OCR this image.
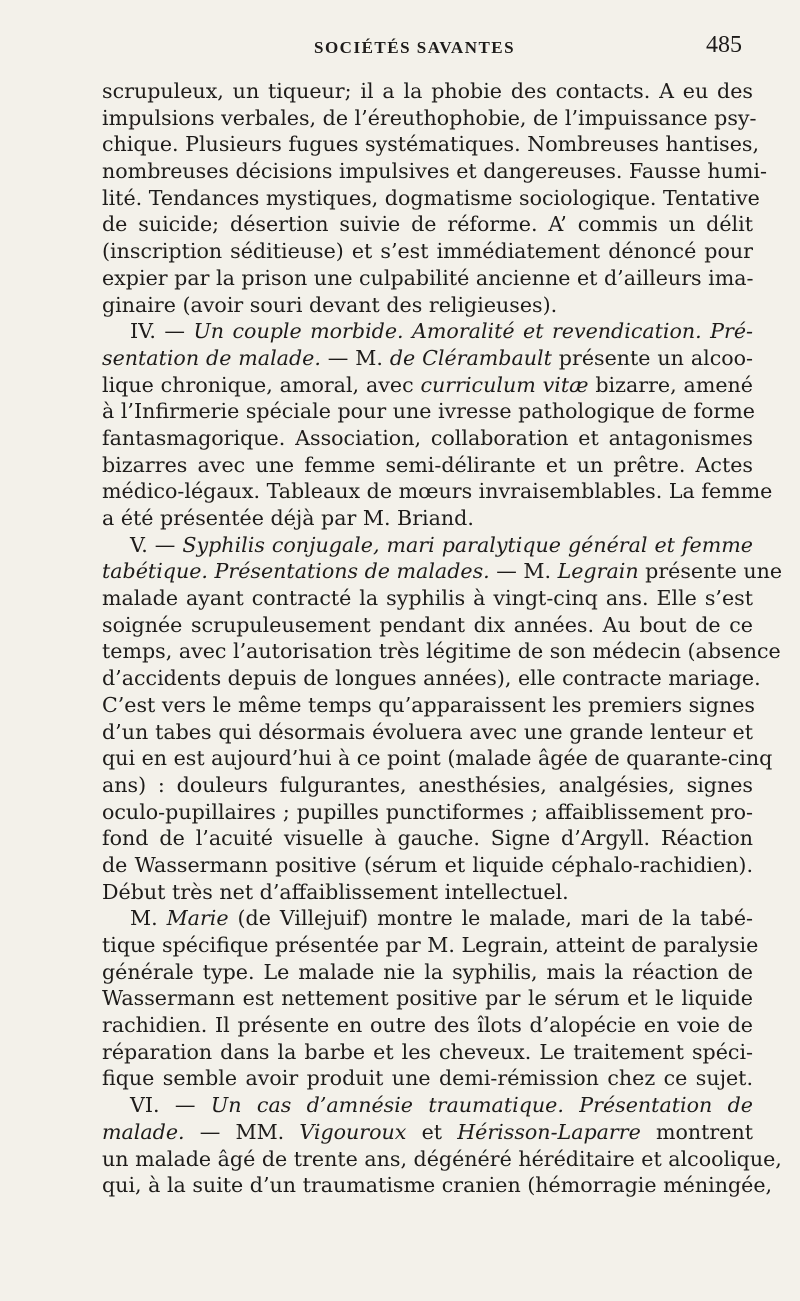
SOCIÉTÉS SAVANTES	485
scrupuleux, un tiqueur; il a la phobie des contacts. A eu des
impulsions verbales, de l’éreuthophobie, de l’impuissance psy-
chique. Plusieurs fugues systématiques. Nombreuses hantises,
nombreuses décisions impulsives et dangereuses. Fausse humi-
lité. Tendances mystiques, dogmatisme sociologique. Tentative
de suicide; désertion suivie de réforme. A’ commis un délit
(inscription séditieuse) et s’est immédiatement dénoncé pour
expier par la prison une culpabilité ancienne et d’ailleurs ima-
ginaire (avoir souri devant des religieuses).
IV. — Un couple morbide. Amoralité et revendication. Pré-
sentation de malade. — M. de Clérambault présente un alcoo-
lique chronique, amoral, avec curriculum vitæ bizarre, amené
à l’Infirmerie spéciale pour une ivresse pathologique de forme
fantasmagorique. Association, collaboration et antagonismes
bizarres avec une femme semi-délirante et un prêtre. Actes
médico-légaux. Tableaux de mœurs invraisemblables. La femme
a été présentée déjà par M. Briand.
V. — Syphilis conjugale, mari paralytique général et femme
tabétique. Présentations de malades. — M. Legrain présente une
malade ayant contracté la syphilis à vingt-cinq ans. Elle s’est
soignée scrupuleusement pendant dix années. Au bout de ce
temps, avec l’autorisation très légitime de son médecin (absence
d’accidents depuis de longues années), elle contracte mariage.
C’est vers le même temps qu’apparaissent les premiers signes
d’un tabes qui désormais évoluera avec une grande lenteur et
qui en est aujourd’hui à ce point (malade âgée de quarante-cinq
ans) : douleurs fulgurantes, anesthésies, analgésies, signes
oculo-pupillaires ; pupilles punctiformes ; affaiblissement pro-
fond de l’acuité visuelle à gauche. Signe d’Argyll. Réaction
de Wassermann positive (sérum et liquide céphalo-rachidien).
Début très net d’affaiblissement intellectuel.
M. Marie (de Villejuif) montre le malade, mari de la tabé-
tique spécifique présentée par M. Legrain, atteint de paralysie
générale type. Le malade nie la syphilis, mais la réaction de
Wassermann est nettement positive par le sérum et le liquide
rachidien. Il présente en outre des îlots d’alopécie en voie de
réparation dans la barbe et les cheveux. Le traitement spéci-
fique semble avoir produit une demi-rémission chez ce sujet.
VI. — Un cas d’amnésie traumatique. Présentation de
malade. — MM. Vigouroux et Hérisson-Laparre montrent
un malade âgé de trente ans, dégénéré héréditaire et alcoolique,
qui, à la suite d’un traumatisme cranien (hémorragie méningée,
